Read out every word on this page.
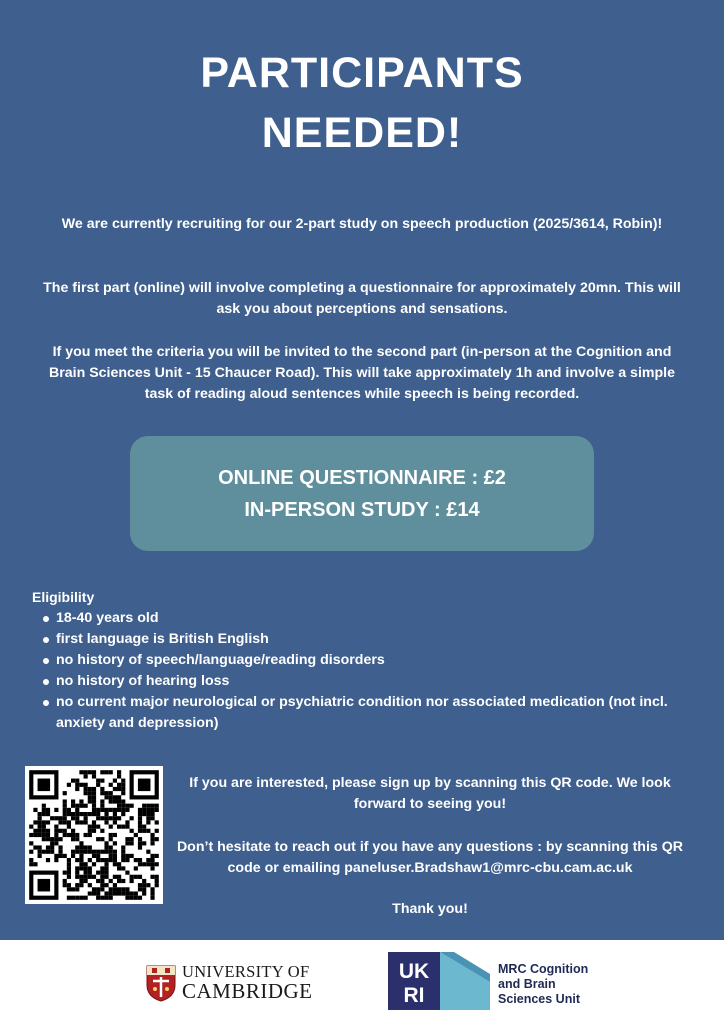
PARTICIPANTS
NEEDED!
We are currently recruiting for our 2-part study on speech production (2025/3614, Robin)!
The first part (online) will involve completing a questionnaire for approximately 20mn. This will ask you about perceptions and sensations.
If you meet the criteria you will be invited to the second part (in-person at the Cognition and Brain Sciences Unit - 15 Chaucer Road). This will take approximately 1h and involve a simple task of reading aloud sentences while speech is being recorded.
ONLINE QUESTIONNAIRE : £2
IN-PERSON STUDY : £14
Eligibility
18-40 years old
first language is British English
no history of speech/language/reading disorders
no history of hearing loss
no current major neurological or psychiatric condition nor associated medication (not incl. anxiety and depression)
If you are interested, please sign up by scanning this QR code. We look forward to seeing you!
Don’t hesitate to reach out if you have any questions : by scanning this QR code or emailing paneluser.Bradshaw1@mrc-cbu.cam.ac.uk
Thank you!
UNIVERSITY OF
CAMBRIDGE
UK
RI
MRC Cognition
and Brain
Sciences Unit
